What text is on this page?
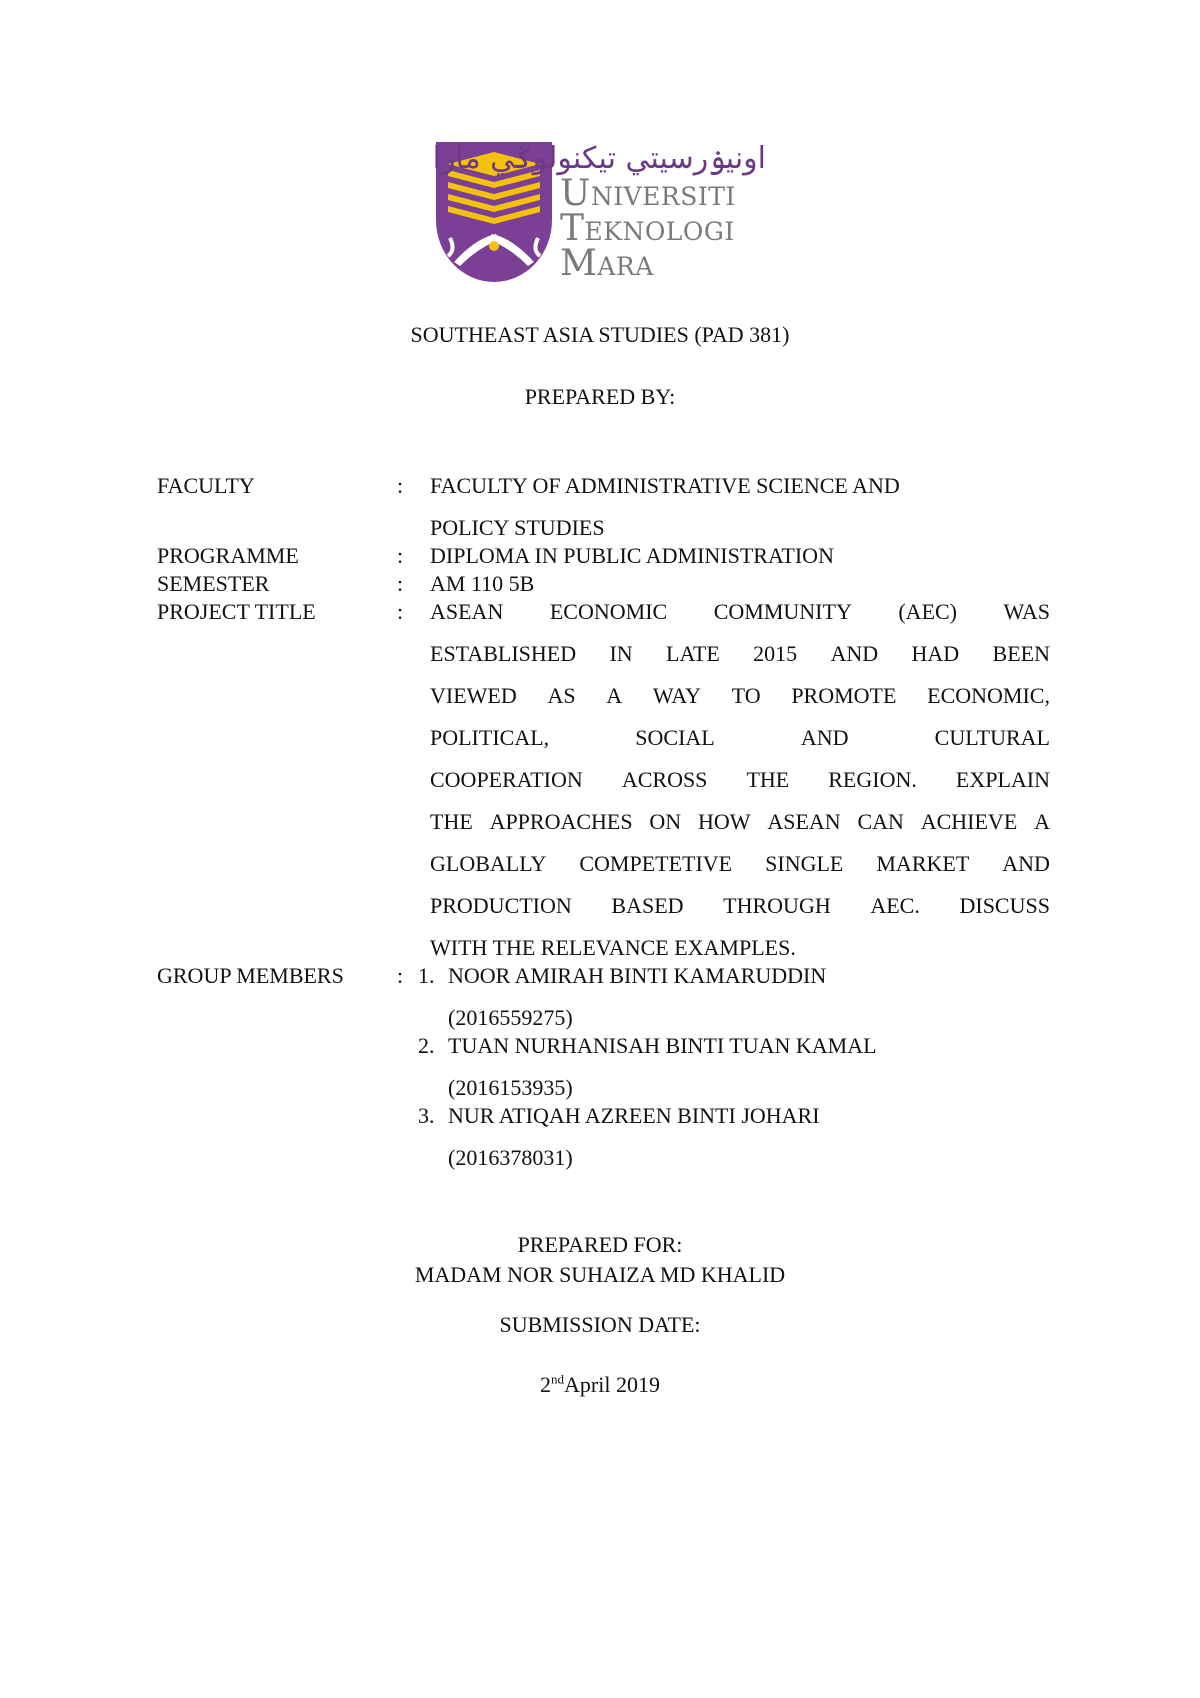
اونيۏرسيتي تيكنولوݢي مارا
Universiti
Teknologi
Mara
SOUTHEAST ASIA STUDIES (PAD 381)
PREPARED BY:
FACULTY	: FACULTY OF ADMINISTRATIVE SCIENCE AND
POLICY STUDIES
PROGRAMME	: DIPLOMA IN PUBLIC ADMINISTRATION
SEMESTER	: AM 110 5B
PROJECT TITLE	: ASEAN ECONOMIC COMMUNITY (AEC) WAS
ESTABLISHED IN LATE 2015 AND HAD BEEN
VIEWED AS A WAY TO PROMOTE ECONOMIC,
POLITICAL,	SOCIAL	AND	CULTURAL
COOPERATION ACROSS THE REGION. EXPLAIN
THE APPROACHES ON HOW ASEAN CAN ACHIEVE A
GLOBALLY COMPETETIVE SINGLE MARKET AND
PRODUCTION BASED THROUGH AEC. DISCUSS
WITH THE RELEVANCE EXAMPLES.
GROUP MEMBERS : 1. NOOR AMIRAH BINTI KAMARUDDIN
(2016559275)
2. TUAN NURHANISAH BINTI TUAN KAMAL
(2016153935)
3. NUR ATIQAH AZREEN BINTI JOHARI
(2016378031)
PREPARED FOR:
MADAM NOR SUHAIZA MD KHALID
SUBMISSION DATE:
2ndApril 2019
